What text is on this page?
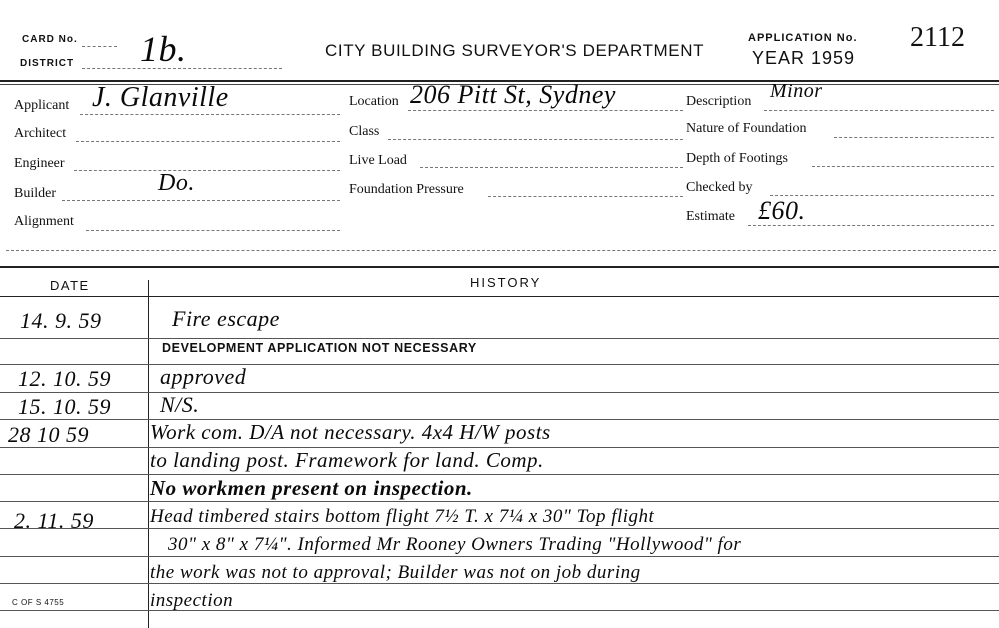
CARD No.
DISTRICT 1b.	CITY BUILDING SURVEYOR'S DEPARTMENT
APPLICATION No. 2112
YEAR 1959
Applicant J. Glanville
Architect
Engineer
Builder	Do.
Alignment
Location 206 Pitt St, Sydney
Class
Live Load
Foundation Pressure
Description Minor
Nature of Foundation
Depth of Footings
Checked by
Estimate £60.
DATE	HISTORY
14. 9. 59	Fire escape
DEVELOPMENT APPLICATION NOT NECESSARY
12. 10. 59 approved
15. 10. 59 N/S.
28 10 59	Work com. D/A not necessary. 4x4 H/W posts
to landing post. Framework for land. Comp.
No workmen present on inspection.
2. 11. 59	Head timbered stairs bottom flight 7½ T. x 7¼ x 30" Top flight
30" x 8" x 7¼". Informed Mr Rooney Owners Trading "Hollywood" for
the work was not to approval; Builder was not on job during
inspection
C OF S 4755
